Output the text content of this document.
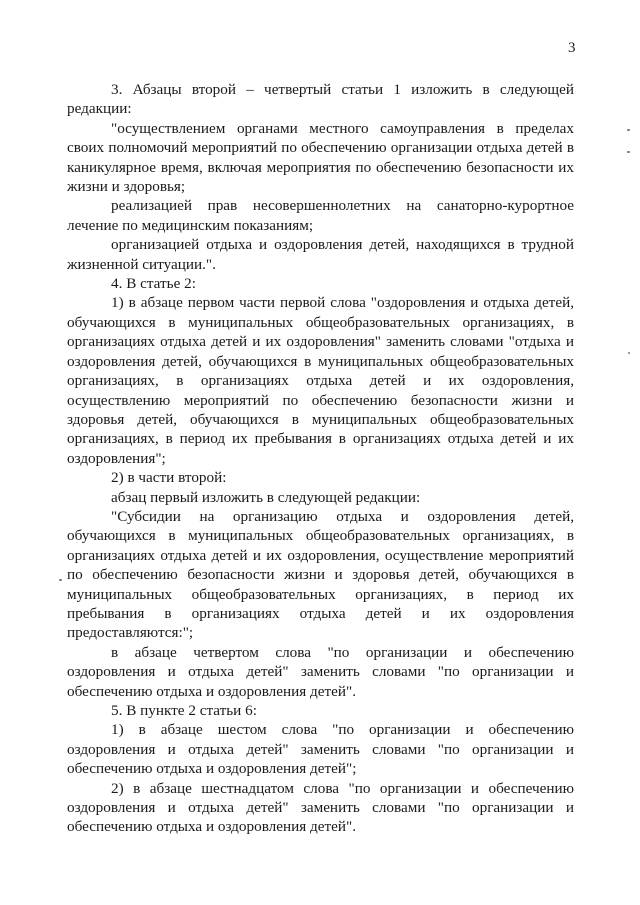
3

3. Абзацы второй – четвертый статьи 1 изложить в следующей редакции:

"осуществлением органами местного самоуправления в пределах своих полномочий мероприятий по обеспечению организации отдыха детей в каникулярное время, включая мероприятия по обеспечению безопасности их жизни и здоровья;

реализацией прав несовершеннолетних на санаторно-курортное лечение по медицинским показаниям;

организацией отдыха и оздоровления детей, находящихся в трудной жизненной ситуации.".

4. В статье 2:

1) в абзаце первом части первой слова "оздоровления и отдыха детей, обучающихся в муниципальных общеобразовательных организациях, в организациях отдыха детей и их оздоровления" заменить словами "отдыха и оздоровления детей, обучающихся в муниципальных общеобразовательных организациях, в организациях отдыха детей и их оздоровления, осуществлению мероприятий по обеспечению безопасности жизни и здоровья детей, обучающихся в муниципальных общеобразовательных организациях, в период их пребывания в организациях отдыха детей и их оздоровления";

2) в части второй:

абзац первый изложить в следующей редакции:

"Субсидии на организацию отдыха и оздоровления детей, обучающихся в муниципальных общеобразовательных организациях, в организациях отдыха детей и их оздоровления, осуществление мероприятий по обеспечению безопасности жизни и здоровья детей, обучающихся в муниципальных общеобразовательных организациях, в период их пребывания в организациях отдыха детей и их оздоровления предоставляются:";

в абзаце четвертом слова "по организации и обеспечению оздоровления и отдыха детей" заменить словами "по организации и обеспечению отдыха и оздоровления детей".

5. В пункте 2 статьи 6:

1) в абзаце шестом слова "по организации и обеспечению оздоровления и отдыха детей" заменить словами "по организации и обеспечению отдыха и оздоровления детей";

2) в абзаце шестнадцатом слова "по организации и обеспечению оздоровления и отдыха детей" заменить словами "по организации и обеспечению отдыха и оздоровления детей".
